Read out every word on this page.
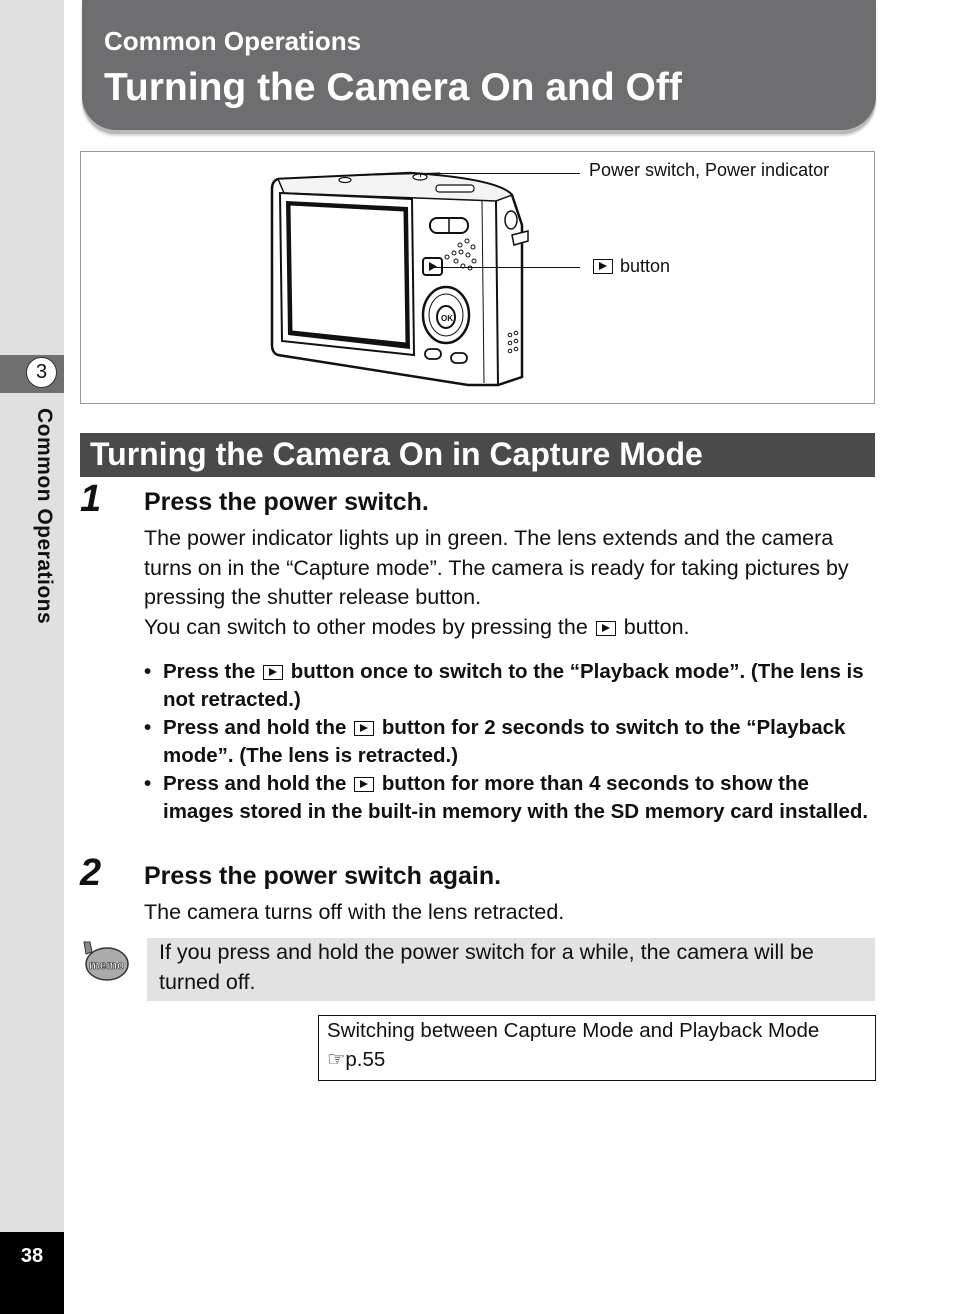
3
Common Operations
38
Common Operations
Turning the Camera On and Off
OK
Power switch, Power indicator
button
Turning the Camera On in Capture Mode
1 Press the power switch.
The power indicator lights up in green. The lens extends and the camera turns on in the “Capture mode”. The camera is ready for taking pictures by pressing the shutter release button.
You can switch to other modes by pressing the button.
• Press the button once to switch to the “Playback mode”. (The lens is not retracted.)
• Press and hold the button for 2 seconds to switch to the “Playback mode”. (The lens is retracted.)
• Press and hold the button for more than 4 seconds to show the images stored in the built-in memory with the SD memory card installed.
2 Press the power switch again.
The camera turns off with the lens retracted.
memo
If you press and hold the power switch for a while, the camera will be turned off.
Switching between Capture Mode and Playback Mode
☞p.55
